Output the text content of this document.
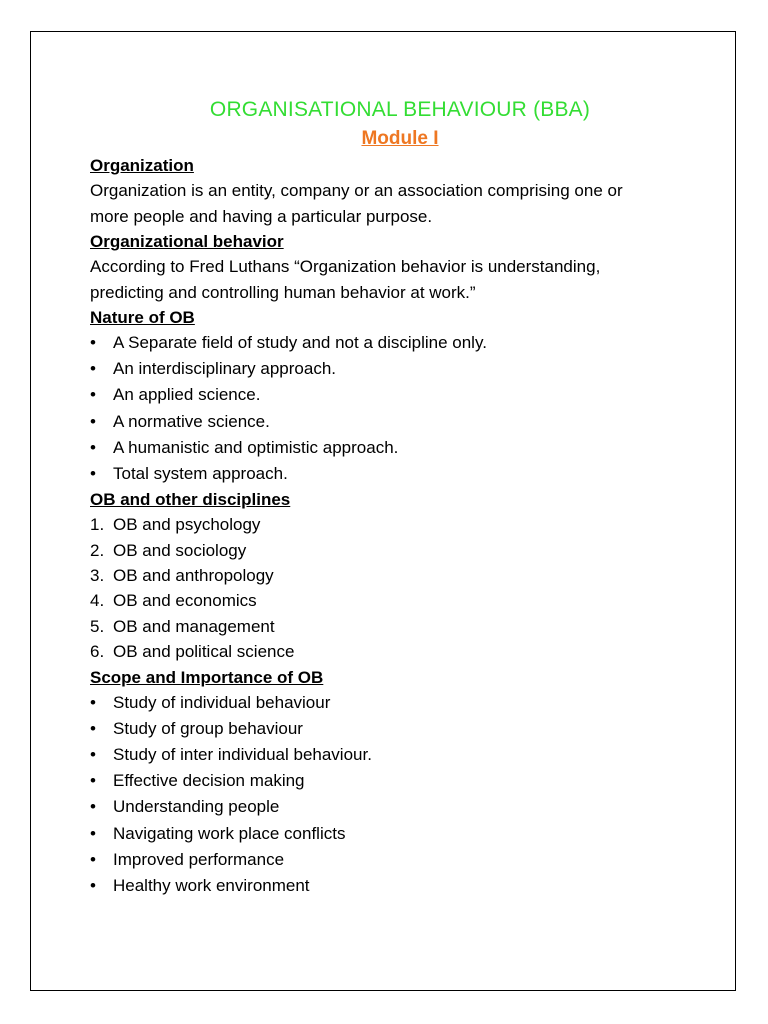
ORGANISATIONAL BEHAVIOUR (BBA)
Module I
Organization
Organization is an entity, company or an association comprising one or
more people and having a particular purpose.
Organizational behavior
According to Fred Luthans “Organization behavior is understanding,
predicting and controlling human behavior at work.”
Nature of OB
• A Separate field of study and not a discipline only.
• An interdisciplinary approach.
• An applied science.
• A normative science.
• A humanistic and optimistic approach.
• Total system approach.
OB and other disciplines
1. OB and psychology
2. OB and sociology
3. OB and anthropology
4. OB and economics
5. OB and management
6. OB and political science
Scope and Importance of OB
• Study of individual behaviour
• Study of group behaviour
• Study of inter individual behaviour.
• Effective decision making
• Understanding people
• Navigating work place conflicts
• Improved performance
• Healthy work environment
